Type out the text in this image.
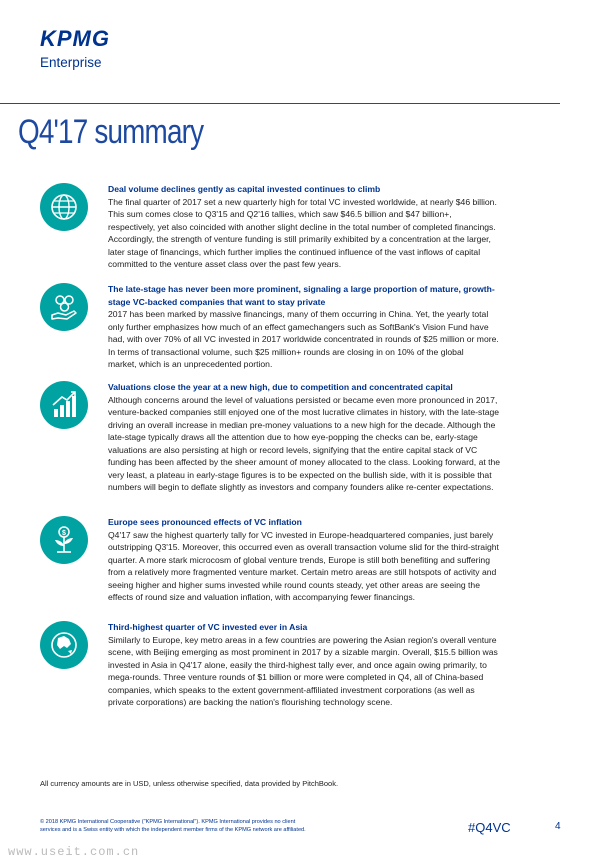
KPMG
Enterprise
Q4'17 summary

Deal volume declines gently as capital invested continues to climb

The final quarter of 2017 set a new quarterly high for total VC invested worldwide, at nearly $46 billion.

This sum comes close to Q3'15 and Q2'16 tallies, which saw $46.5 billion and $47 billion+,

respectively, yet also coincided with another slight decline in the total number of completed financings.

Accordingly, the strength of venture funding is still primarily exhibited by a concentration at the larger,

later stage of financings, which further implies the continued influence of the vast inflows of capital

committed to the venture asset class over the past few years.

The late-stage has never been more prominent, signaling a large proportion of mature, growth-

stage VC-backed companies that want to stay private

2017 has been marked by massive financings, many of them occurring in China. Yet, the yearly total

only further emphasizes how much of an effect gamechangers such as SoftBank's Vision Fund have

had, with over 70% of all VC invested in 2017 worldwide concentrated in rounds of $25 million or more.

In terms of transactional volume, such $25 million+ rounds are closing in on 10% of the global

market, which is an unprecedented portion.

Valuations close the year at a new high, due to competition and concentrated capital

Although concerns around the level of valuations persisted or became even more pronounced in 2017,

venture-backed companies still enjoyed one of the most lucrative climates in history, with the late-stage

driving an overall increase in median pre-money valuations to a new high for the decade. Although the

late-stage typically draws all the attention due to how eye-popping the checks can be, early-stage

valuations are also persisting at high or record levels, signifying that the entire capital stack of VC

funding has been affected by the sheer amount of money allocated to the class. Looking forward, at the

very least, a plateau in early-stage figures is to be expected on the bullish side, with it is possible that

numbers will begin to deflate slightly as investors and company founders alike re-center expectations.

$

Europe sees pronounced effects of VC inflation

Q4'17 saw the highest quarterly tally for VC invested in Europe-headquartered companies, just barely

outstripping Q3'15. Moreover, this occurred even as overall transaction volume slid for the third-straight

quarter. A more stark microcosm of global venture trends, Europe is still both benefiting and suffering

from a relatively more fragmented venture market. Certain metro areas are still hotspots of activity and

seeing higher and higher sums invested while round counts steady, yet other areas are seeing the

effects of round size and valuation inflation, with accompanying fewer financings.

Third-highest quarter of VC invested ever in Asia

Similarly to Europe, key metro areas in a few countries are powering the Asian region's overall venture

scene, with Beijing emerging as most prominent in 2017 by a sizable margin. Overall, $15.5 billion was

invested in Asia in Q4'17 alone, easily the third-highest tally ever, and once again owing primarily, to

mega-rounds. Three venture rounds of $1 billion or more were completed in Q4, all of China-based

companies, which speaks to the extent government-affiliated investment corporations (as well as

private corporations) are backing the nation's flourishing technology scene.

All currency amounts are in USD, unless otherwise specified, data provided by PitchBook.
© 2018 KPMG International Cooperative ("KPMG International"). KPMG International provides no client
services and is a Swiss entity with which the independent member firms of the KPMG network are affiliated.	#Q4VC	4
www.useit.com.cn
